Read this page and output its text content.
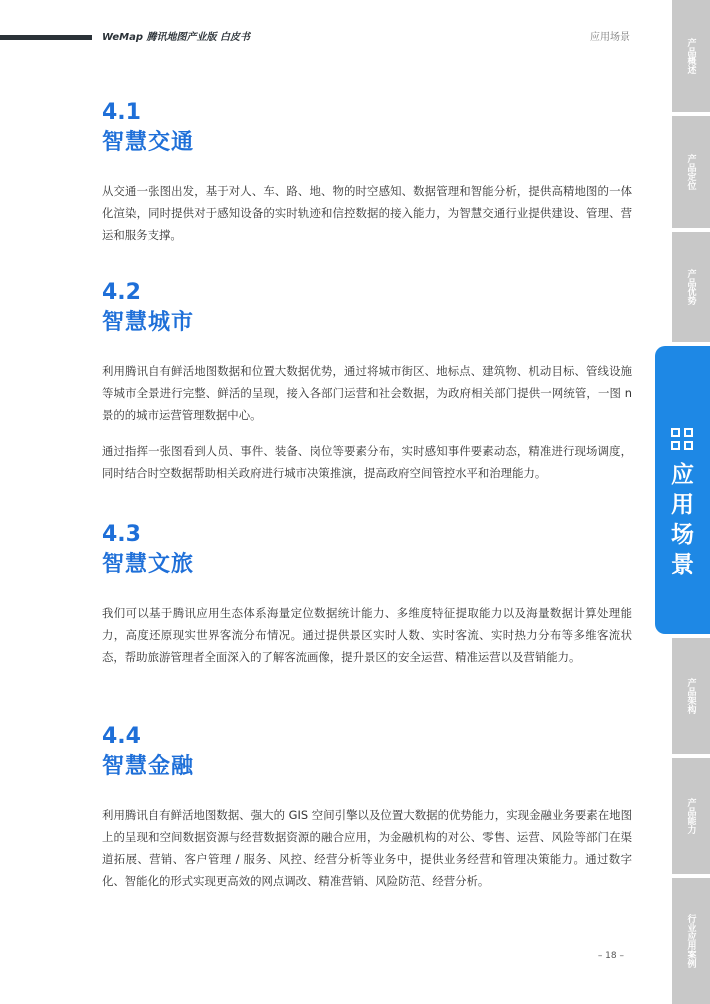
WeMap 腾讯地图产业版 白皮书	应用场景
4.1
智慧交通

从交通一张图出发，基于对人、车、路、地、物的时空感知、数据管理和智能分析，提供高精地图的一体化渲染，同时提供对于感知设备的实时轨迹和信控数据的接入能力，为智慧交通行业提供建设、管理、营运和服务支撑。

4.2
智慧城市

利用腾讯自有鲜活地图数据和位置大数据优势，通过将城市街区、地标点、建筑物、机动目标、管线设施等城市全景进行完整、鲜活的呈现，接入各部门运营和社会数据，为政府相关部门提供一网统管，一图 n 景的的城市运营管理数据中心。

通过指挥一张图看到人员、事件、装备、岗位等要素分布，实时感知事件要素动态，精准进行现场调度，同时结合时空数据帮助相关政府进行城市决策推演，提高政府空间管控水平和治理能力。

4.3
智慧文旅

我们可以基于腾讯应用生态体系海量定位数据统计能力、多维度特征提取能力以及海量数据计算处理能力，高度还原现实世界客流分布情况。通过提供景区实时人数、实时客流、实时热力分布等多维客流状态，帮助旅游管理者全面深入的了解客流画像，提升景区的安全运营、精准运营以及营销能力。

4.4
智慧金融

利用腾讯自有鲜活地图数据、强大的 GIS 空间引擎以及位置大数据的优势能力，实现金融业务要素在地图上的呈现和空间数据资源与经营数据资源的融合应用，为金融机构的对公、零售、运营、风险等部门在渠道拓展、营销、客户管理 / 服务、风控、经营分析等业务中，提供业务经营和管理决策能力。通过数字化、智能化的形式实现更高效的网点调改、精准营销、风险防范、经营分析。

产品概述
产品定位
产品优势
产品架构
产品能力
行业应用案例
应用场景
– 18 –
